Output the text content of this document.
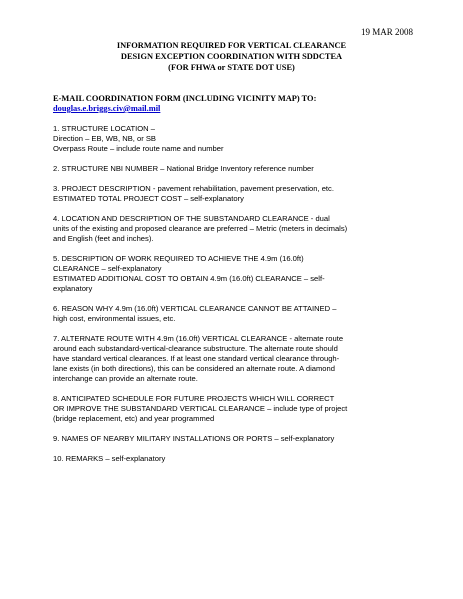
19 MAR 2008
INFORMATION REQUIRED FOR VERTICAL CLEARANCE
DESIGN EXCEPTION COORDINATION WITH SDDCTEA
(FOR FHWA or STATE DOT USE)
E-MAIL COORDINATION FORM (INCLUDING VICINITY MAP) TO:
douglas.e.briggs.civ@mail.mil
1. STRUCTURE LOCATION –
Direction – EB, WB, NB, or SB
Overpass Route – include route name and number
2. STRUCTURE NBI NUMBER – National Bridge Inventory reference number
3. PROJECT DESCRIPTION - pavement rehabilitation, pavement preservation, etc.
ESTIMATED TOTAL PROJECT COST – self-explanatory
4. LOCATION AND DESCRIPTION OF THE SUBSTANDARD CLEARANCE - dual
units of the existing and proposed clearance are preferred – Metric (meters in decimals)
and English (feet and inches).
5. DESCRIPTION OF WORK REQUIRED TO ACHIEVE THE 4.9m (16.0ft)
CLEARANCE – self-explanatory
ESTIMATED ADDITIONAL COST TO OBTAIN 4.9m (16.0ft) CLEARANCE – self-
explanatory
6. REASON WHY 4.9m (16.0ft) VERTICAL CLEARANCE CANNOT BE ATTAINED –
high cost, environmental issues, etc.
7. ALTERNATE ROUTE WITH 4.9m (16.0ft) VERTICAL CLEARANCE - alternate route
around each substandard-vertical-clearance substructure. The alternate route should
have standard vertical clearances. If at least one standard vertical clearance through-
lane exists (in both directions), this can be considered an alternate route. A diamond
interchange can provide an alternate route.
8. ANTICIPATED SCHEDULE FOR FUTURE PROJECTS WHICH WILL CORRECT
OR IMPROVE THE SUBSTANDARD VERTICAL CLEARANCE – include type of project
(bridge replacement, etc) and year programmed
9. NAMES OF NEARBY MILITARY INSTALLATIONS OR PORTS – self-explanatory
10. REMARKS – self-explanatory
